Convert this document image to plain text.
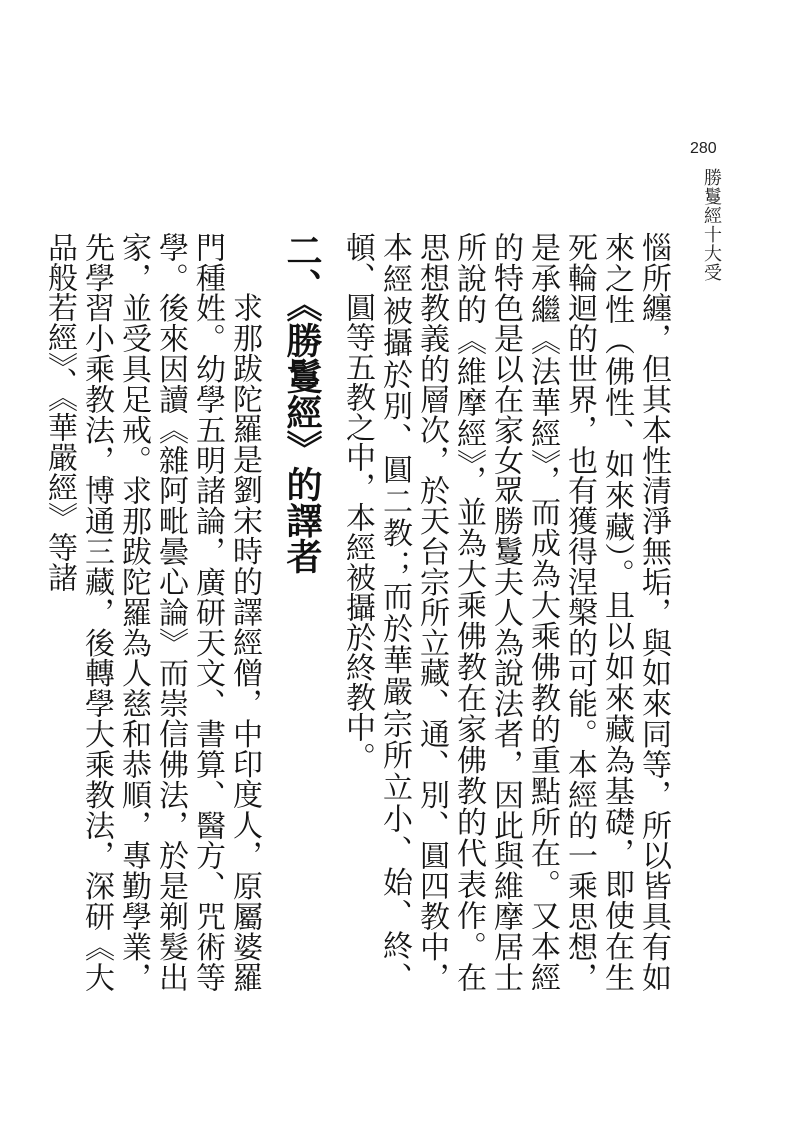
280
勝鬘經十大受

惱所纏，但其本性清淨無垢，與如來同等，所以皆具有如來之性（佛性、如來藏）。且以如來藏為基礎，即使在生死輪迴的世界，也有獲得涅槃的可能。本經的一乘思想，是承繼《法華經》，而成為大乘佛教的重點所在。又本經的特色是以在家女眾勝鬘夫人為說法者，因此與維摩居士所說的《維摩經》，並為大乘佛教在家佛教的代表作。在思想教義的層次，於天台宗所立藏、通、別、圓四教中，本經被攝於別、圓二教；而於華嚴宗所立小、始、終、頓、圓等五教之中，本經被攝於終教中。

二、《勝鬘經》的譯者

求那跋陀羅是劉宋時的譯經僧，中印度人，原屬婆羅門種姓。幼學五明諸論，廣研天文、書算、醫方、咒術等學。後來因讀《雜阿毗曇心論》而崇信佛法，於是剃髮出家，並受具足戒。求那跋陀羅為人慈和恭順，專勤學業，先學習小乘教法，博通三藏，後轉學大乘教法，深研《大品般若經》、《華嚴經》等諸
